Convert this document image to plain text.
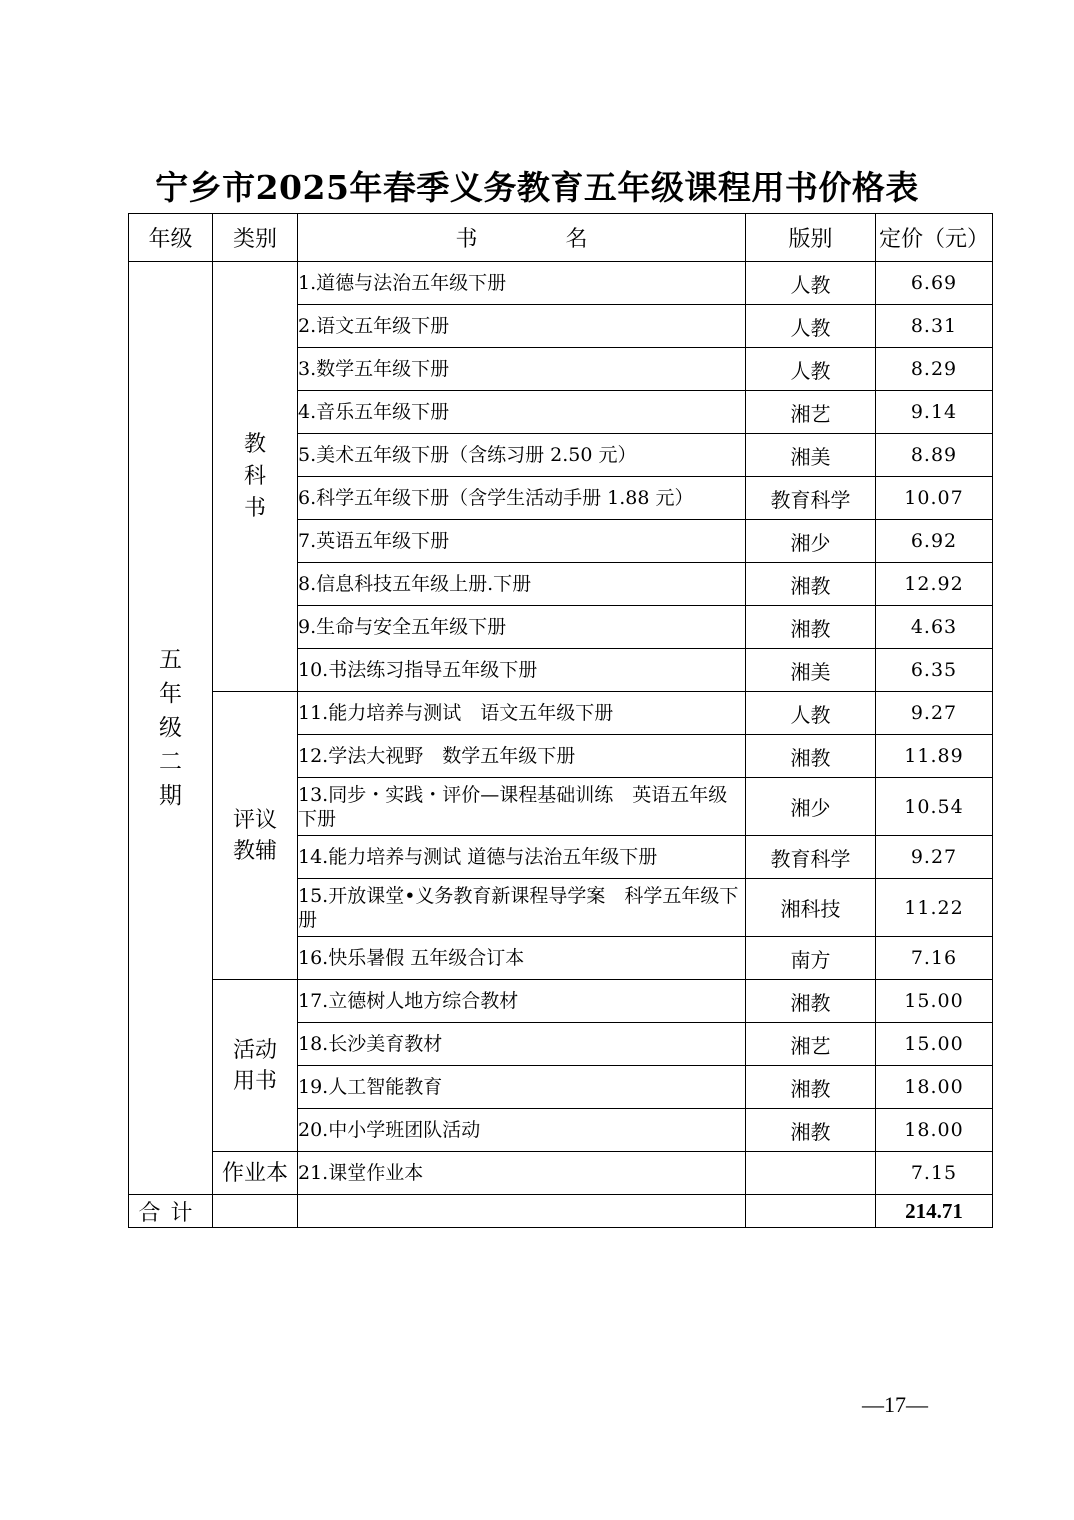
宁乡市2025年春季义务教育五年级课程用书价格表
年级	类别	书　　　　名	版别	定价（元）
五年级二期	教科书	1.道德与法治五年级下册	人教	6.69
		2.语文五年级下册	人教	8.31
		3.数学五年级下册	人教	8.29
		4.音乐五年级下册	湘艺	9.14
		5.美术五年级下册（含练习册 2.50 元）	湘美	8.89
		6.科学五年级下册（含学生活动手册 1.88 元）	教育科学	10.07
		7.英语五年级下册	湘少	6.92
		8.信息科技五年级上册.下册	湘教	12.92
		9.生命与安全五年级下册	湘教	4.63
		10.书法练习指导五年级下册	湘美	6.35
	评议教辅	11.能力培养与测试　语文五年级下册	人教	9.27
		12.学法大视野　数学五年级下册	湘教	11.89
		13.同步・实践・评价—课程基础训练　英语五年级下册	湘少	10.54
		14.能力培养与测试 道德与法治五年级下册	教育科学	9.27
		15.开放课堂•义务教育新课程导学案　科学五年级下册	湘科技	11.22
		16.快乐暑假 五年级合订本	南方	7.16
	活动用书	17.立德树人地方综合教材	湘教	15.00
		18.长沙美育教材	湘艺	15.00
		19.人工智能教育	湘教	18.00
		20.中小学班团队活动	湘教	18.00
	作业本	21.课堂作业本		7.15
合计				214.71
—17—
